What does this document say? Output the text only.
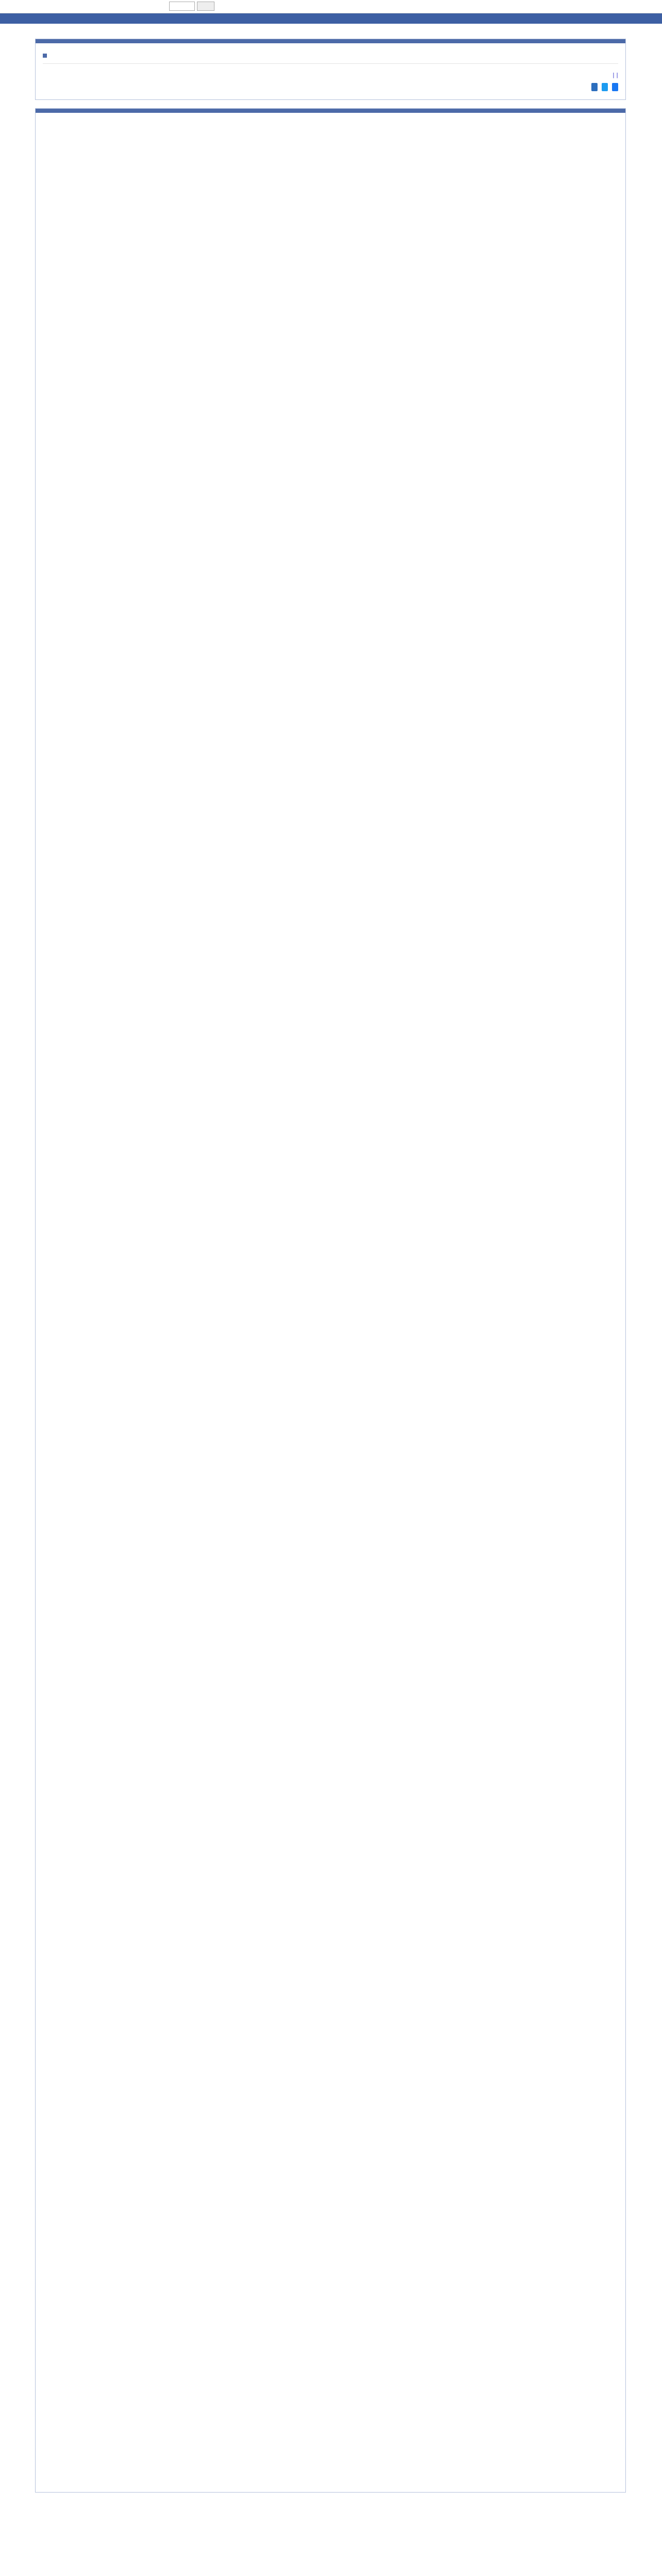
| |
